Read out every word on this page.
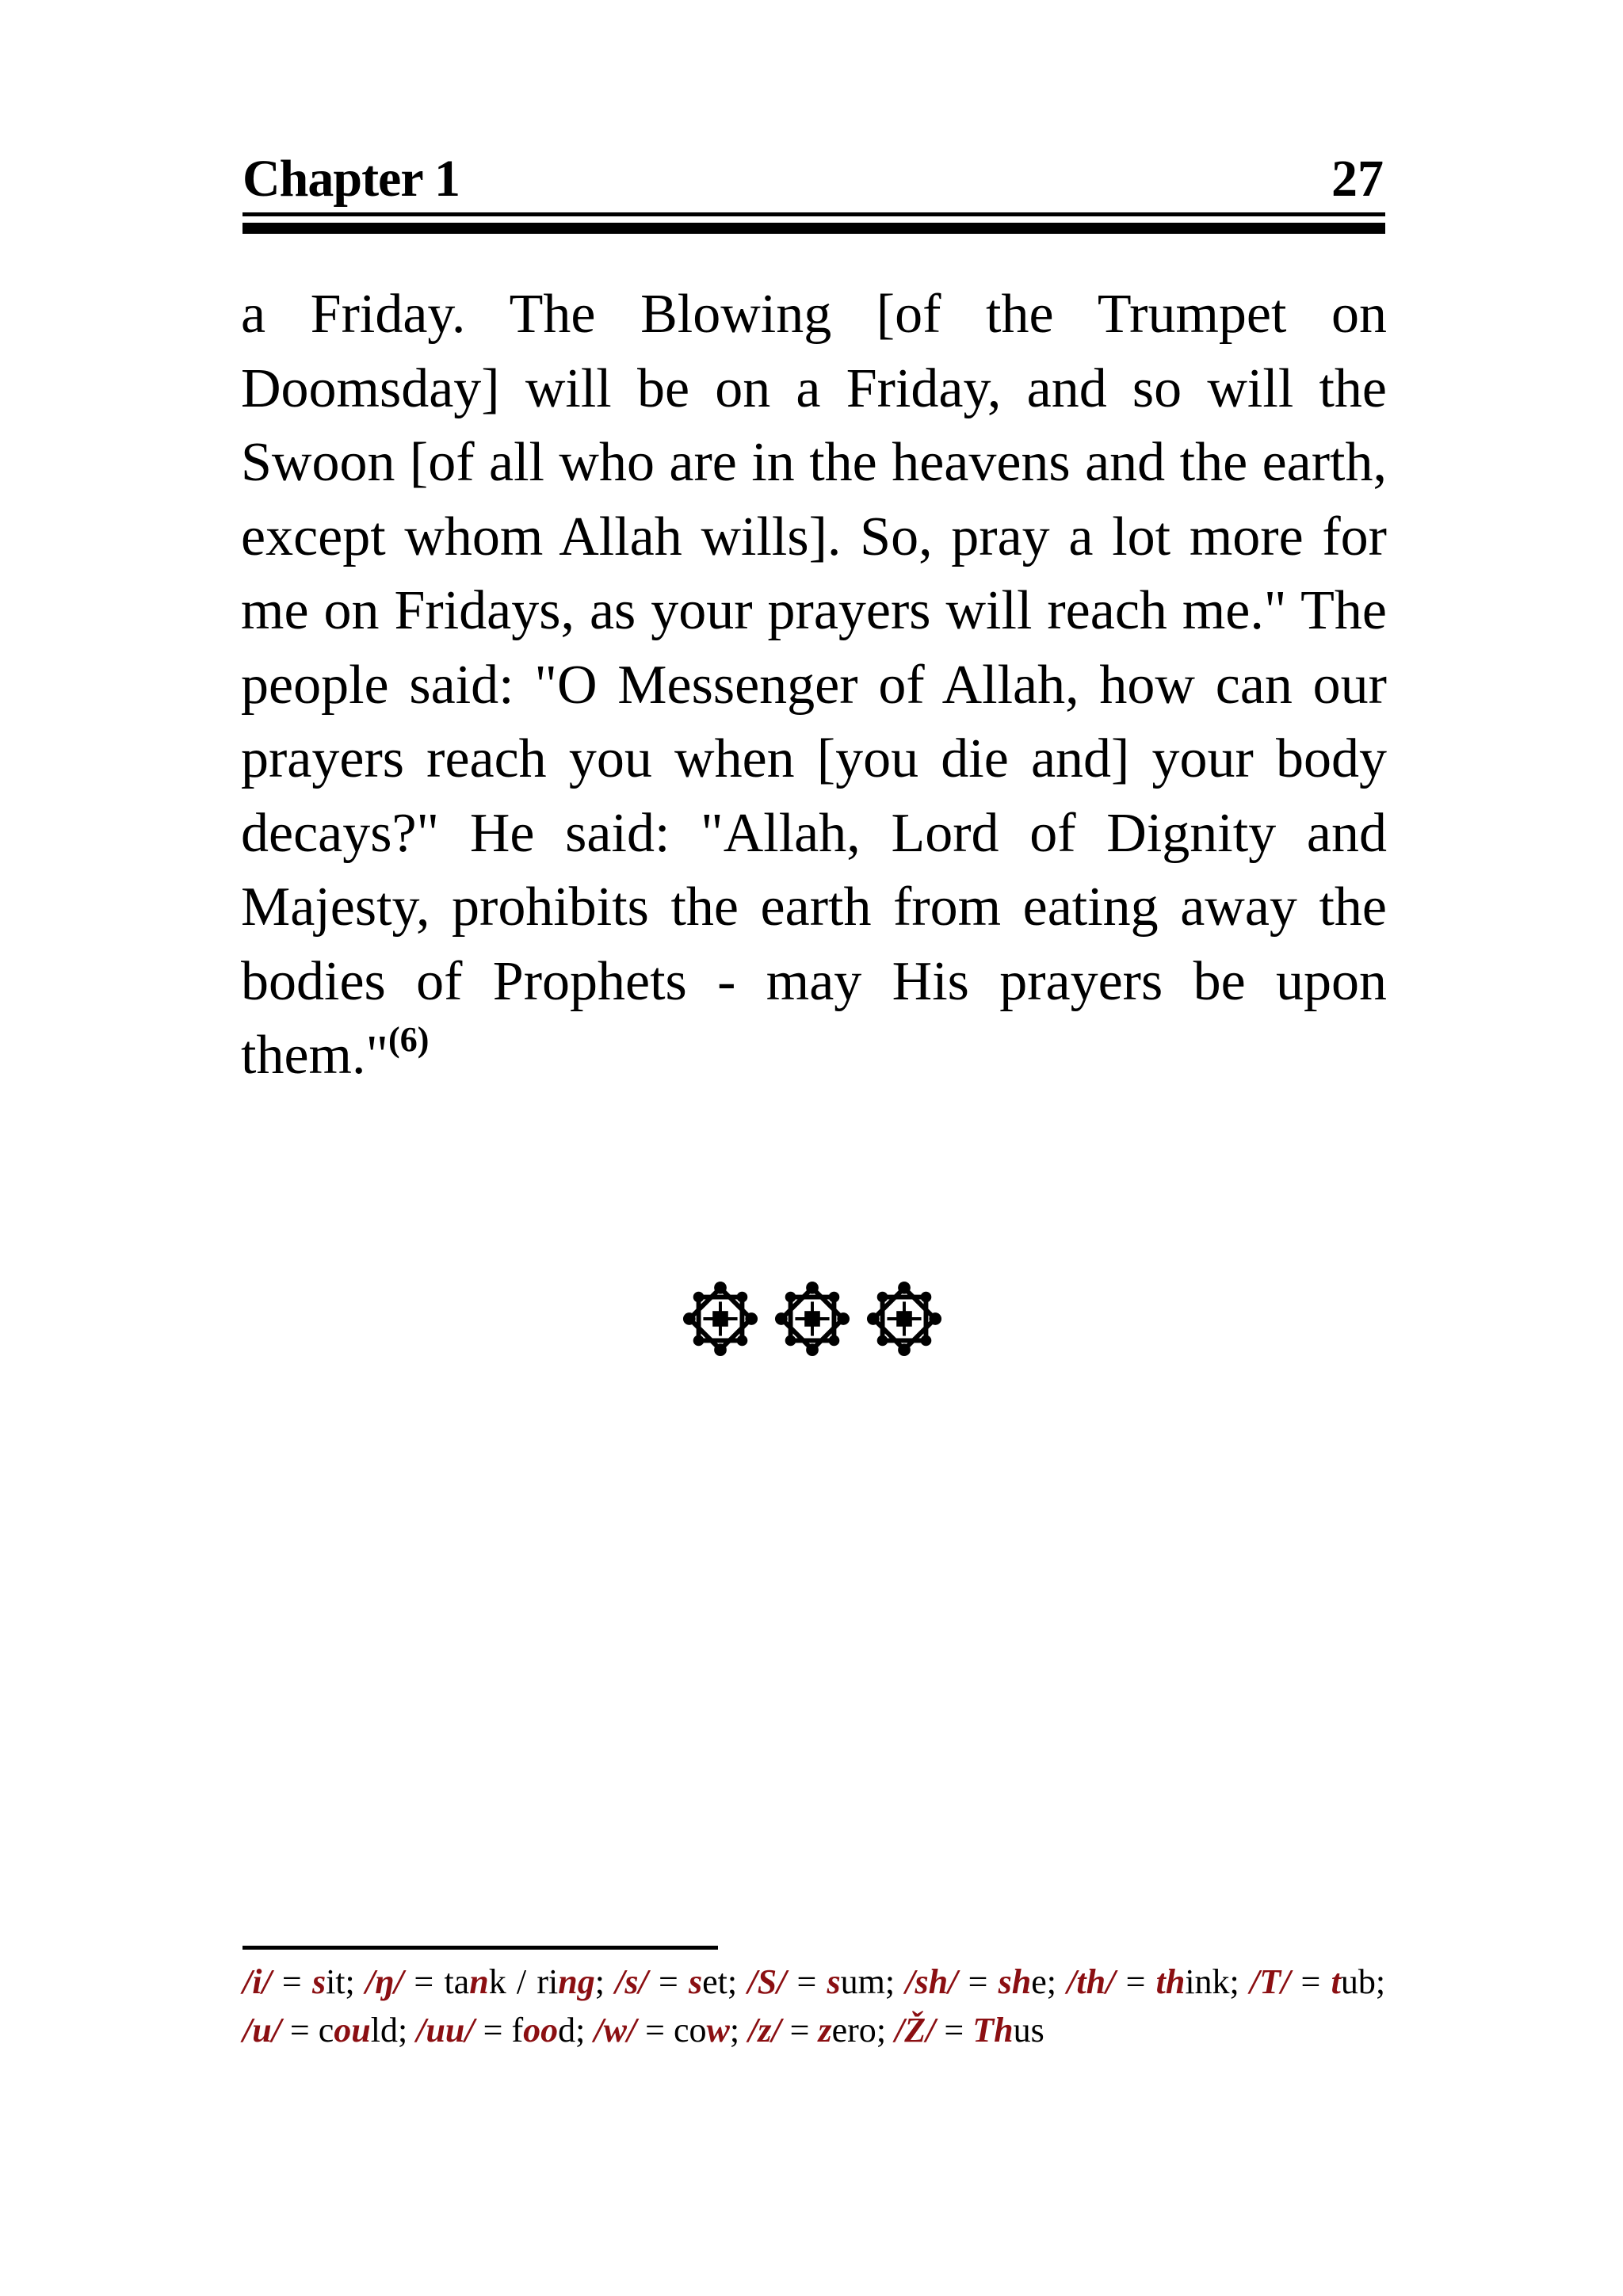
Chapter 1	27

a Friday. The Blowing [of the Trumpet on Doomsday] will be on a Friday, and so will the Swoon [of all who are in the heavens and the earth, except whom Allah wills]. So, pray a lot more for me on Fridays, as your prayers will reach me." The people said: "O Messenger of Allah, how can our prayers reach you when [you die and] your body decays?" He said: "Allah, Lord of Dignity and Majesty, prohibits the earth from eating away the bodies of Prophets - may His prayers be upon them."$^{(6)}$

/i/ = sit; /ŋ/ = tank / ring; /s/ = set; /S/ = sum; /sh/ = she; /th/ = think; /T/ = tub; /u/ = could; /uu/ = food; /w/ = cow; /z/ = zero; /Ž/ = Thus
